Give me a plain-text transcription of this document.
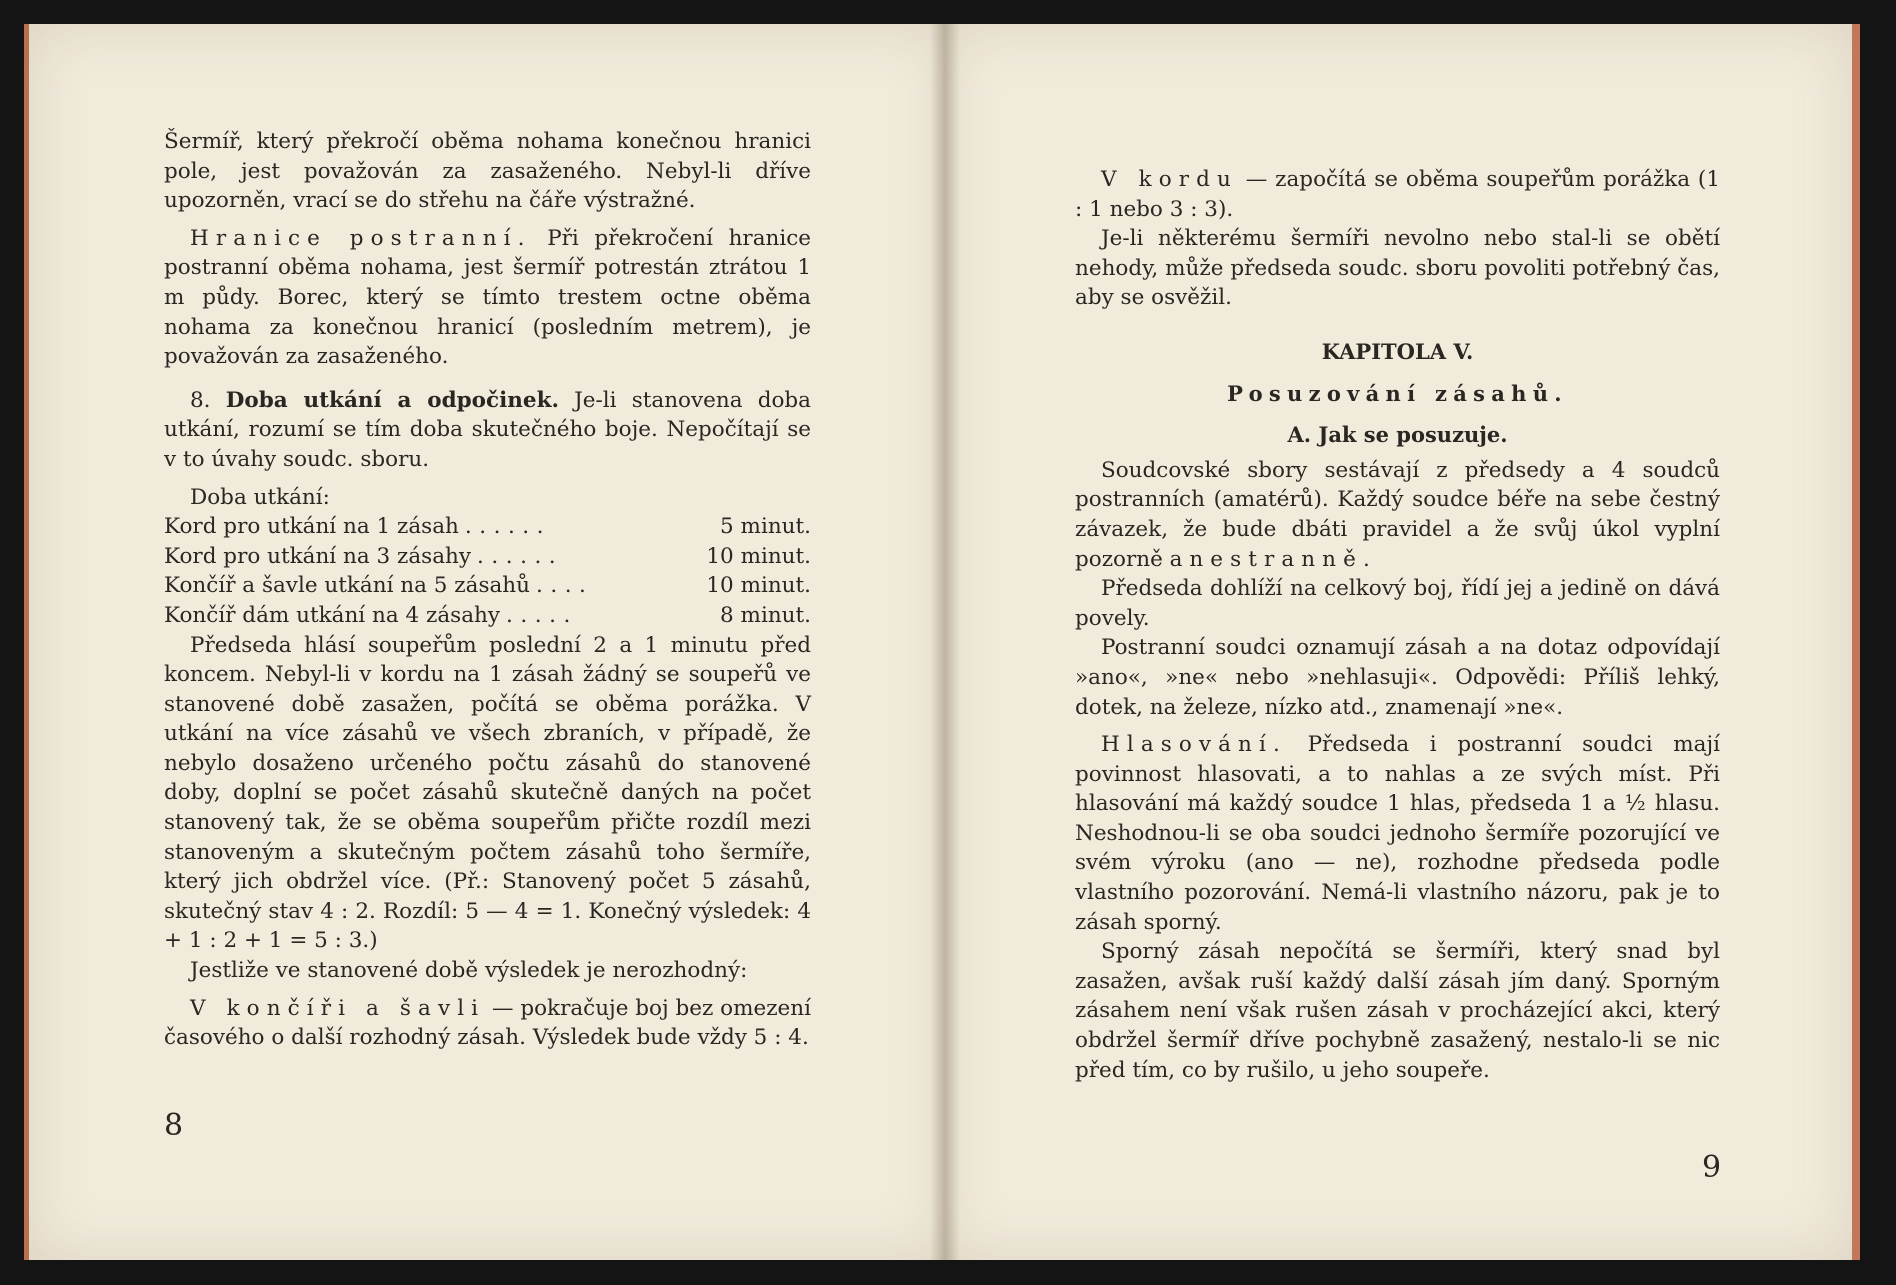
Šermíř, který překročí oběma nohama konečnou hranici pole, jest považován za zasaženého. Nebyl-li dříve upozorněn, vrací se do střehu na čáře výstražné.

Hranice postranní. Při překročení hranice postranní oběma nohama, jest šermíř potrestán ztrátou 1 m půdy. Borec, který se tímto trestem octne oběma nohama za konečnou hranicí (posledním metrem), je považován za zasaženého.

8. Doba utkání a odpočinek. Je-li stanovena doba utkání, rozumí se tím doba skutečného boje. Nepočítají se v to úvahy soudc. sboru.

Doba utkání:

Kord pro utkání na 1 zásah ......	5 minut.
Kord pro utkání na 3 zásahy ......	10 minut.
Končíř a šavle utkání na 5 zásahů ....	10 minut.
Končíř dám utkání na 4 zásahy .....	8 minut.

Předseda hlásí soupeřům poslední 2 a 1 minutu před koncem. Nebyl-li v kordu na 1 zásah žádný se soupeřů ve stanovené době zasažen, počítá se oběma porážka. V utkání na více zásahů ve všech zbraních, v případě, že nebylo dosaženo určeného počtu zásahů do stanovené doby, doplní se počet zásahů skutečně daných na počet stanovený tak, že se oběma soupeřům přičte rozdíl mezi stanoveným a skutečným počtem zásahů toho šermíře, který jich obdržel více. (Př.: Stanovený počet 5 zásahů, skutečný stav 4 : 2. Rozdíl: 5 — 4 = 1. Konečný výsledek: 4 + 1 : 2 + 1 = 5 : 3.)

Jestliže ve stanovené době výsledek je nerozhodný:

V končíři a šavli — pokračuje boj bez omezení časového o další rozhodný zásah. Výsledek bude vždy 5 : 4.

8

V kordu — započítá se oběma soupeřům porážka (1 : 1 nebo 3 : 3).

Je-li některému šermíři nevolno nebo stal-li se obětí nehody, může předseda soudc. sboru povoliti potřebný čas, aby se osvěžil.

KAPITOLA V.
Posuzování zásahů.
A. Jak se posuzuje.

Soudcovské sbory sestávají z předsedy a 4 soudců postranních (amatérů). Každý soudce béře na sebe čestný závazek, že bude dbáti pravidel a že svůj úkol vyplní pozorně a nestranně.

Předseda dohlíží na celkový boj, řídí jej a jedině on dává povely.

Postranní soudci oznamují zásah a na dotaz odpovídají »ano«, »ne« nebo »nehlasuji«. Odpovědi: Příliš lehký, dotek, na železe, nízko atd., znamenají »ne«.

Hlasování. Předseda i postranní soudci mají povinnost hlasovati, a to nahlas a ze svých míst. Při hlasování má každý soudce 1 hlas, předseda 1 a ½ hlasu. Neshodnou-li se oba soudci jednoho šermíře pozorující ve svém výroku (ano — ne), rozhodne předseda podle vlastního pozorování. Nemá-li vlastního názoru, pak je to zásah sporný.

Sporný zásah nepočítá se šermíři, který snad byl zasažen, avšak ruší každý další zásah jím daný. Sporným zásahem není však rušen zásah v procházející akci, který obdržel šermíř dříve pochybně zasažený, nestalo-li se nic před tím, co by rušilo, u jeho soupeře.

9
